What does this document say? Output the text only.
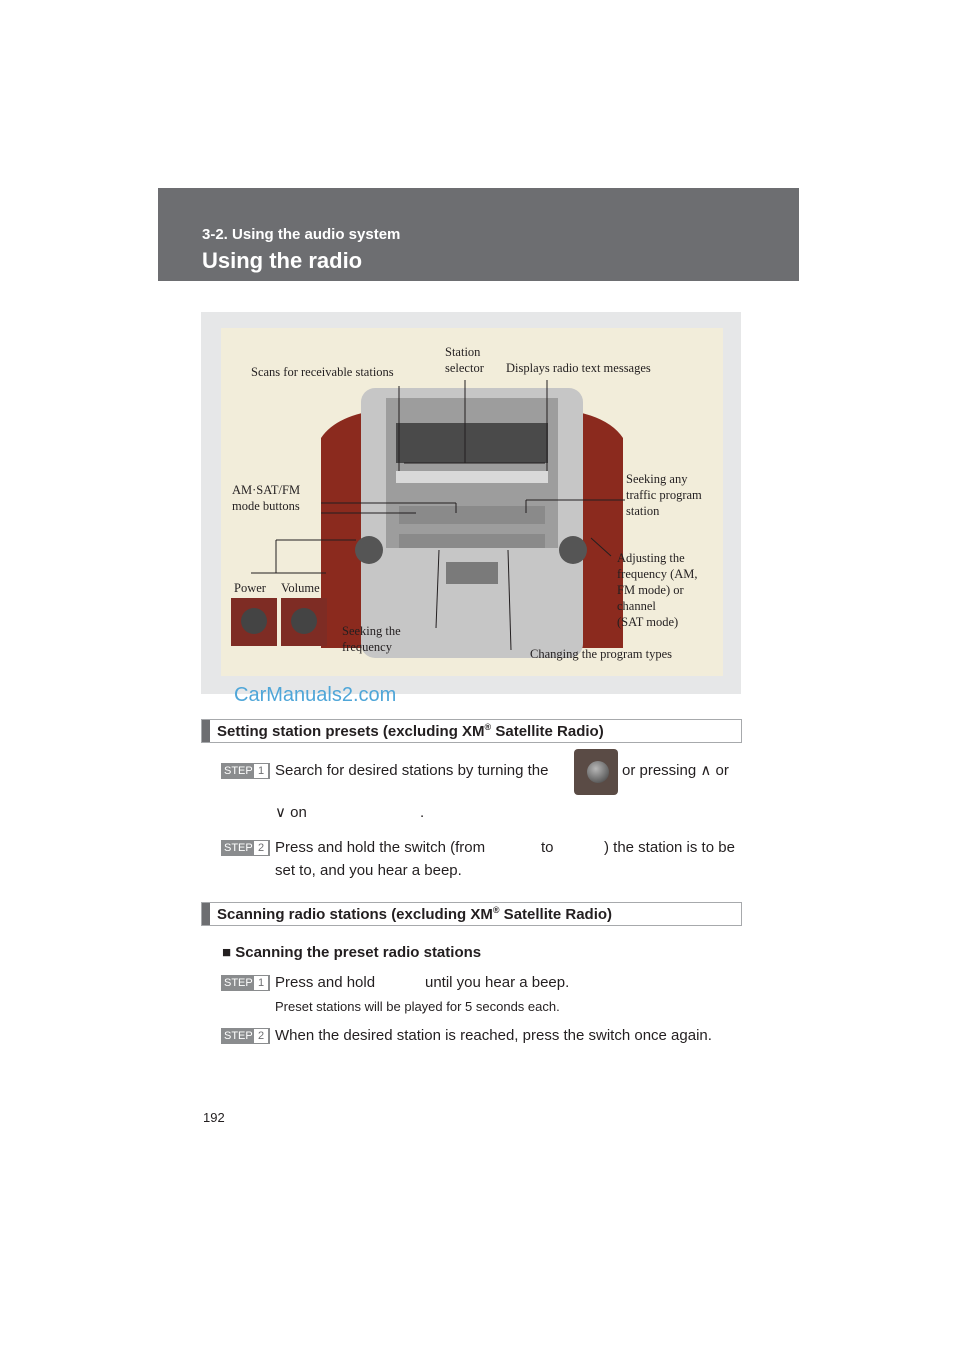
3-2. Using the audio system
Using the radio
Scans for receivable stations
Station
selector Displays radio text messages
AM·SAT/FM
mode buttons
Seeking any
traffic program
station
Adjusting the
frequency (AM,
FM mode) or
channel
(SAT mode)
Power Volume
Seeking the
frequency	Changing the program types
CarManuals2.com
Setting station presets (excluding XM® Satellite Radio)
STEP 1 Search for desired stations by turning the	or pressing ∧ or
∨ on	.
STEP 2 Press and hold the switch (from	to	) the station is to be
set to, and you hear a beep.
Scanning radio stations (excluding XM® Satellite Radio)
■ Scanning the preset radio stations
STEP 1 Press and hold	until you hear a beep.
Preset stations will be played for 5 seconds each.
STEP 2 When the desired station is reached, press the switch once again.
192
